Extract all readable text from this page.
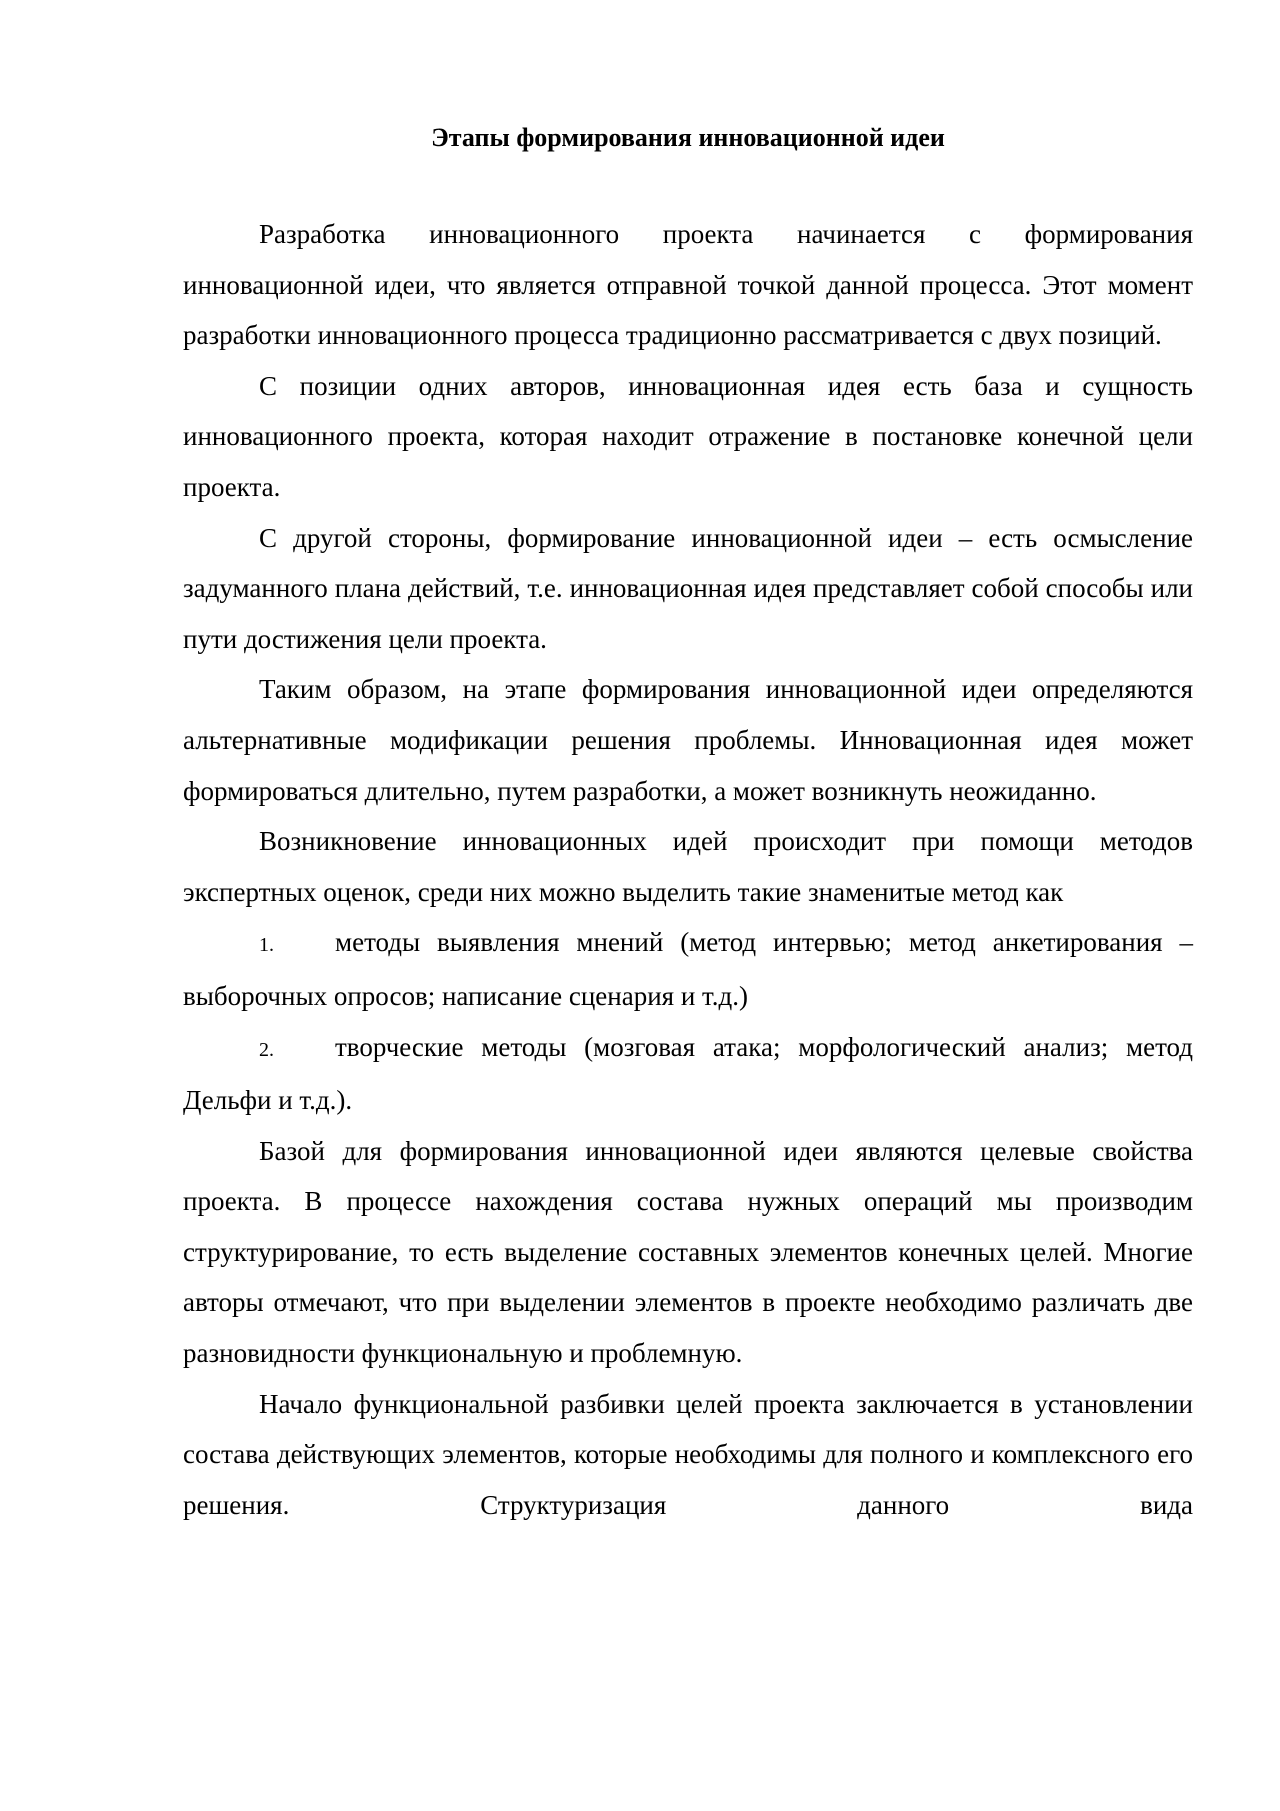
Этапы формирования инновационной идеи

Разработка инновационного проекта начинается с формирования инновационной идеи, что является отправной точкой данной процесса. Этот момент разработки инновационного процесса традиционно рассматривается с двух позиций.

С позиции одних авторов, инновационная идея есть база и сущность инновационного проекта, которая находит отражение в постановке конечной цели проекта.

С другой стороны, формирование инновационной идеи – есть осмысление задуманного плана действий, т.е. инновационная идея представляет собой способы или пути достижения цели проекта.

Таким образом, на этапе формирования инновационной идеи определяются альтернативные модификации решения проблемы. Инновационная идея может формироваться длительно, путем разработки, а может возникнуть неожиданно.

Возникновение инновационных идей происходит при помощи методов экспертных оценок, среди них можно выделить такие знаменитые метод как

1. методы выявления мнений (метод интервью; метод анкетирования – выборочных опросов; написание сценария и т.д.)

2. творческие методы (мозговая атака; морфологический анализ; метод Дельфи и т.д.).

Базой для формирования инновационной идеи являются целевые свойства проекта. В процессе нахождения состава нужных операций мы производим структурирование, то есть выделение составных элементов конечных целей. Многие авторы отмечают, что при выделении элементов в проекте необходимо различать две разновидности функциональную и проблемную.

Начало функциональной разбивки целей проекта заключается в установлении состава действующих элементов, которые необходимы для полного и комплексного его решения. Структуризация данного вида
